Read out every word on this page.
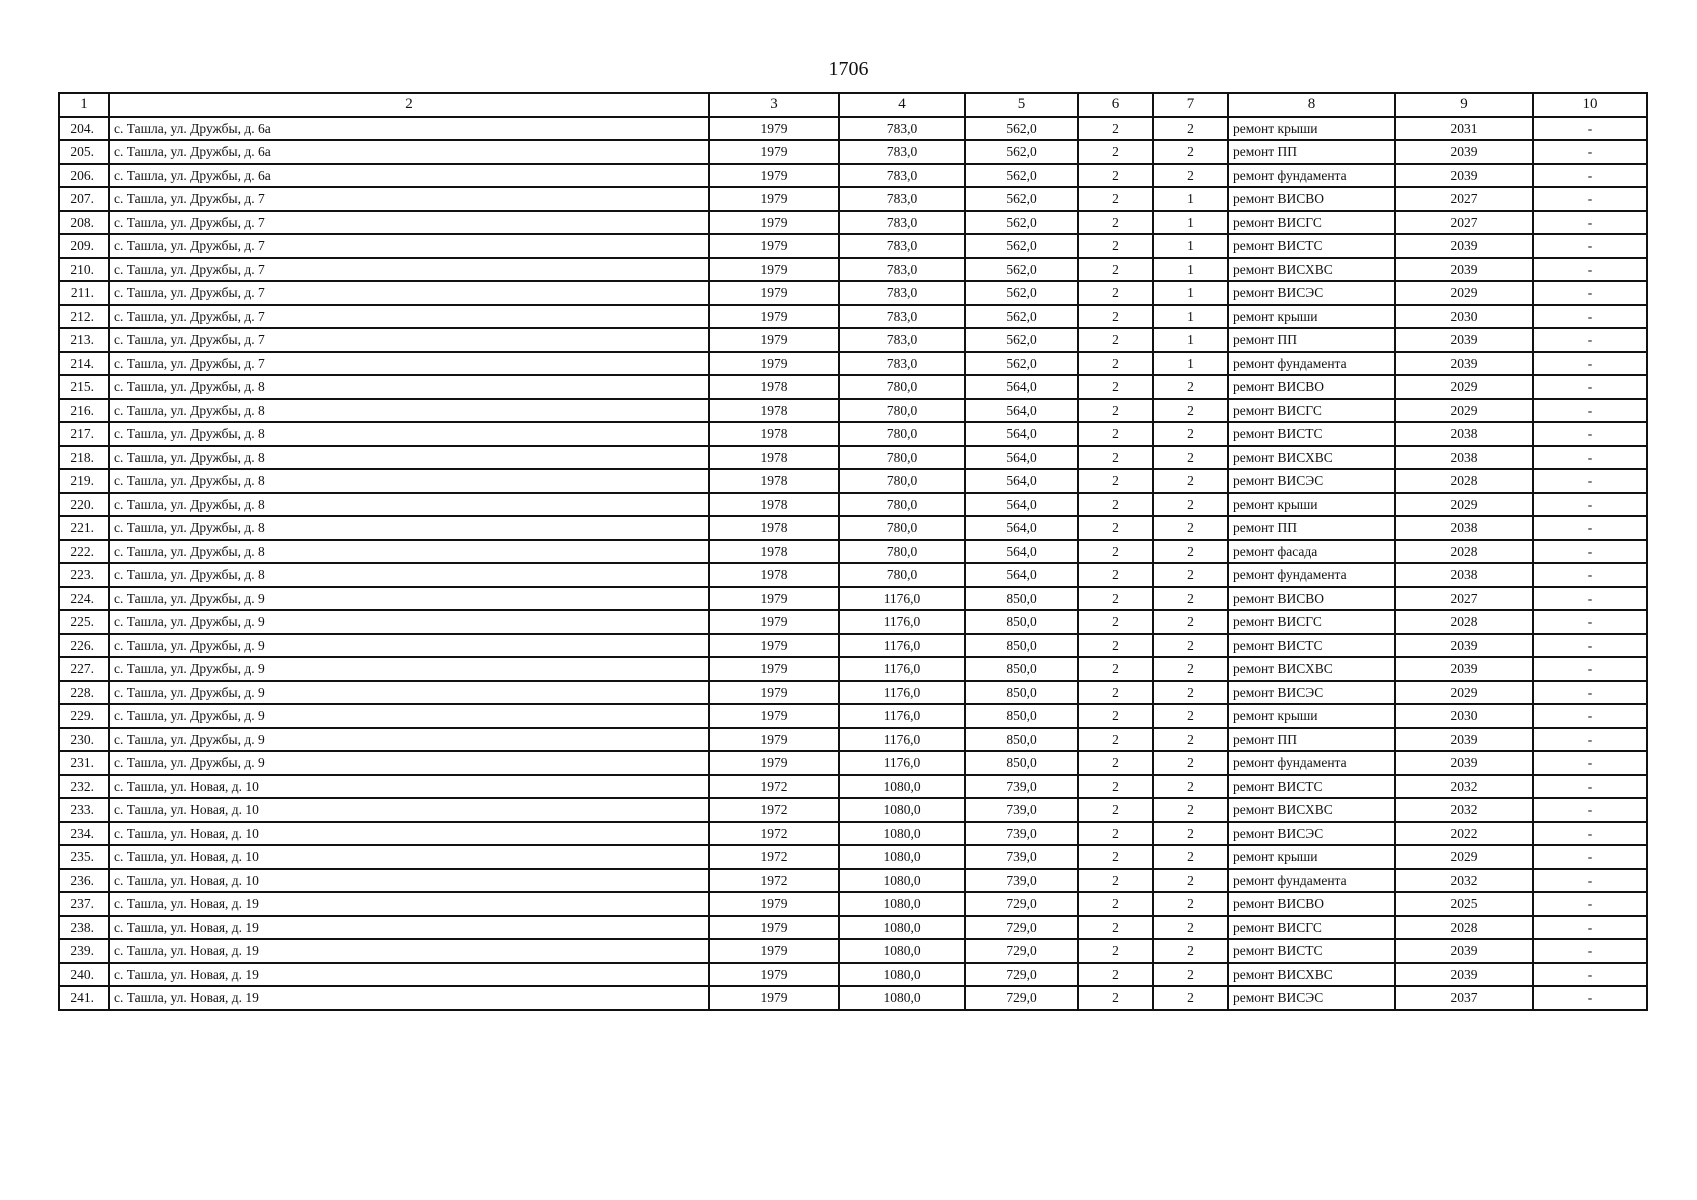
1706
1	2	3	4	5	6	7	8	9	10
204.	с. Ташла, ул. Дружбы, д. 6а	1979	783,0	562,0	2	2	ремонт крыши	2031	-
205.	с. Ташла, ул. Дружбы, д. 6а	1979	783,0	562,0	2	2	ремонт ПП	2039	-
206.	с. Ташла, ул. Дружбы, д. 6а	1979	783,0	562,0	2	2	ремонт фундамента	2039	-
207.	с. Ташла, ул. Дружбы, д. 7	1979	783,0	562,0	2	1	ремонт ВИСВО	2027	-
208.	с. Ташла, ул. Дружбы, д. 7	1979	783,0	562,0	2	1	ремонт ВИСГС	2027	-
209.	с. Ташла, ул. Дружбы, д. 7	1979	783,0	562,0	2	1	ремонт ВИСТС	2039	-
210.	с. Ташла, ул. Дружбы, д. 7	1979	783,0	562,0	2	1	ремонт ВИСХВС	2039	-
211.	с. Ташла, ул. Дружбы, д. 7	1979	783,0	562,0	2	1	ремонт ВИСЭС	2029	-
212.	с. Ташла, ул. Дружбы, д. 7	1979	783,0	562,0	2	1	ремонт крыши	2030	-
213.	с. Ташла, ул. Дружбы, д. 7	1979	783,0	562,0	2	1	ремонт ПП	2039	-
214.	с. Ташла, ул. Дружбы, д. 7	1979	783,0	562,0	2	1	ремонт фундамента	2039	-
215.	с. Ташла, ул. Дружбы, д. 8	1978	780,0	564,0	2	2	ремонт ВИСВО	2029	-
216.	с. Ташла, ул. Дружбы, д. 8	1978	780,0	564,0	2	2	ремонт ВИСГС	2029	-
217.	с. Ташла, ул. Дружбы, д. 8	1978	780,0	564,0	2	2	ремонт ВИСТС	2038	-
218.	с. Ташла, ул. Дружбы, д. 8	1978	780,0	564,0	2	2	ремонт ВИСХВС	2038	-
219.	с. Ташла, ул. Дружбы, д. 8	1978	780,0	564,0	2	2	ремонт ВИСЭС	2028	-
220.	с. Ташла, ул. Дружбы, д. 8	1978	780,0	564,0	2	2	ремонт крыши	2029	-
221.	с. Ташла, ул. Дружбы, д. 8	1978	780,0	564,0	2	2	ремонт ПП	2038	-
222.	с. Ташла, ул. Дружбы, д. 8	1978	780,0	564,0	2	2	ремонт фасада	2028	-
223.	с. Ташла, ул. Дружбы, д. 8	1978	780,0	564,0	2	2	ремонт фундамента	2038	-
224.	с. Ташла, ул. Дружбы, д. 9	1979	1176,0	850,0	2	2	ремонт ВИСВО	2027	-
225.	с. Ташла, ул. Дружбы, д. 9	1979	1176,0	850,0	2	2	ремонт ВИСГС	2028	-
226.	с. Ташла, ул. Дружбы, д. 9	1979	1176,0	850,0	2	2	ремонт ВИСТС	2039	-
227.	с. Ташла, ул. Дружбы, д. 9	1979	1176,0	850,0	2	2	ремонт ВИСХВС	2039	-
228.	с. Ташла, ул. Дружбы, д. 9	1979	1176,0	850,0	2	2	ремонт ВИСЭС	2029	-
229.	с. Ташла, ул. Дружбы, д. 9	1979	1176,0	850,0	2	2	ремонт крыши	2030	-
230.	с. Ташла, ул. Дружбы, д. 9	1979	1176,0	850,0	2	2	ремонт ПП	2039	-
231.	с. Ташла, ул. Дружбы, д. 9	1979	1176,0	850,0	2	2	ремонт фундамента	2039	-
232.	с. Ташла, ул. Новая, д. 10	1972	1080,0	739,0	2	2	ремонт ВИСТС	2032	-
233.	с. Ташла, ул. Новая, д. 10	1972	1080,0	739,0	2	2	ремонт ВИСХВС	2032	-
234.	с. Ташла, ул. Новая, д. 10	1972	1080,0	739,0	2	2	ремонт ВИСЭС	2022	-
235.	с. Ташла, ул. Новая, д. 10	1972	1080,0	739,0	2	2	ремонт крыши	2029	-
236.	с. Ташла, ул. Новая, д. 10	1972	1080,0	739,0	2	2	ремонт фундамента	2032	-
237.	с. Ташла, ул. Новая, д. 19	1979	1080,0	729,0	2	2	ремонт ВИСВО	2025	-
238.	с. Ташла, ул. Новая, д. 19	1979	1080,0	729,0	2	2	ремонт ВИСГС	2028	-
239.	с. Ташла, ул. Новая, д. 19	1979	1080,0	729,0	2	2	ремонт ВИСТС	2039	-
240.	с. Ташла, ул. Новая, д. 19	1979	1080,0	729,0	2	2	ремонт ВИСХВС	2039	-
241.	с. Ташла, ул. Новая, д. 19	1979	1080,0	729,0	2	2	ремонт ВИСЭС	2037	-
